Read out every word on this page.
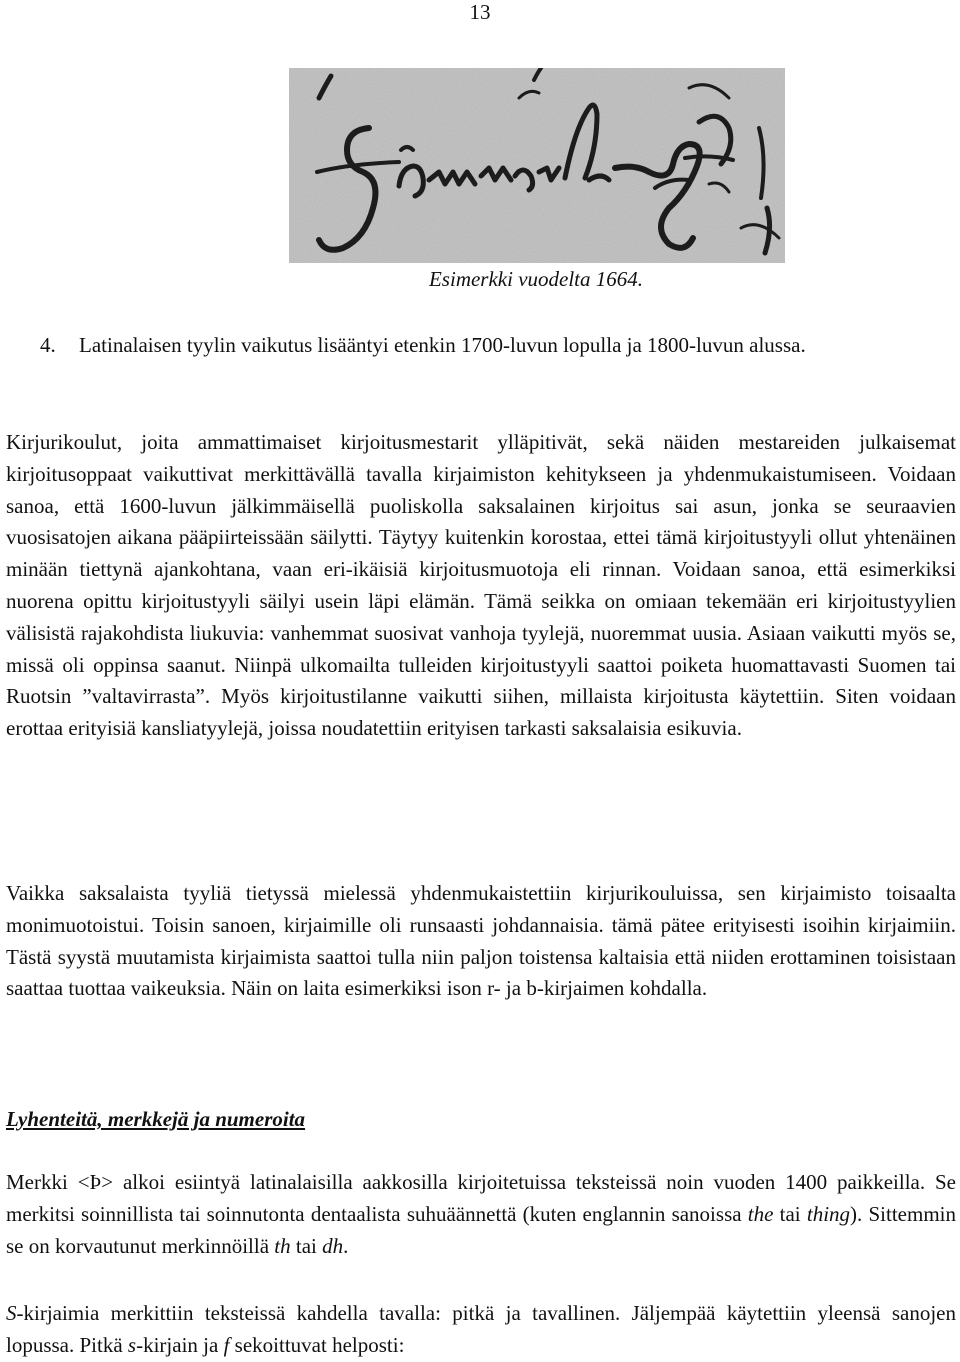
13
Esimerkki vuodelta 1664.
4. Latinalaisen tyylin vaikutus lisääntyi etenkin 1700-luvun lopulla ja 1800-luvun alussa.

Kirjurikoulut, joita ammattimaiset kirjoitusmestarit ylläpitivät, sekä näiden mestareiden julkaisemat kirjoitusoppaat vaikuttivat merkittävällä tavalla kirjaimiston kehitykseen ja yhdenmukaistumiseen. Voidaan sanoa, että 1600-luvun jälkimmäisellä puoliskolla saksalainen kirjoitus sai asun, jonka se seuraavien vuosisatojen aikana pääpiirteissään säilytti. Täytyy kuitenkin korostaa, ettei tämä kirjoitustyyli ollut yhtenäinen minään tiettynä ajankohtana, vaan eri-ikäisiä kirjoitusmuotoja eli rinnan. Voidaan sanoa, että esimerkiksi nuorena opittu kirjoitustyyli säilyi usein läpi elämän. Tämä seikka on omiaan tekemään eri kirjoitustyylien välisistä rajakohdista liukuvia: vanhemmat suosivat vanhoja tyylejä, nuoremmat uusia. Asiaan vaikutti myös se, missä oli oppinsa saanut. Niinpä ulkomailta tulleiden kirjoitustyyli saattoi poiketa huomattavasti Suomen tai Ruotsin ”valtavirrasta”. Myös kirjoitustilanne vaikutti siihen, millaista kirjoitusta käytettiin. Siten voidaan erottaa erityisiä kansliatyylejä, joissa noudatettiin erityisen tarkasti saksalaisia esikuvia.

Vaikka saksalaista tyyliä tietyssä mielessä yhdenmukaistettiin kirjurikouluissa, sen kirjaimisto toisaalta monimuotoistui. Toisin sanoen, kirjaimille oli runsaasti johdannaisia. tämä pätee erityisesti isoihin kirjaimiin. Tästä syystä muutamista kirjaimista saattoi tulla niin paljon toistensa kaltaisia että niiden erottaminen toisistaan saattaa tuottaa vaikeuksia. Näin on laita esimerkiksi ison r- ja b-kirjaimen kohdalla.

Lyhenteitä, merkkejä ja numeroita

Merkki <Þ> alkoi esiintyä latinalaisilla aakkosilla kirjoitetuissa teksteissä noin vuoden 1400 paikkeilla. Se merkitsi soinnillista tai soinnutonta dentaalista suhuäännettä (kuten englannin sanoissa the tai thing). Sittemmin se on korvautunut merkinnöillä th tai dh.

S-kirjaimia merkittiin teksteissä kahdella tavalla: pitkä ja tavallinen. Jäljempää käytettiin yleensä sanojen lopussa. Pitkä s-kirjain ja f sekoittuvat helposti:
